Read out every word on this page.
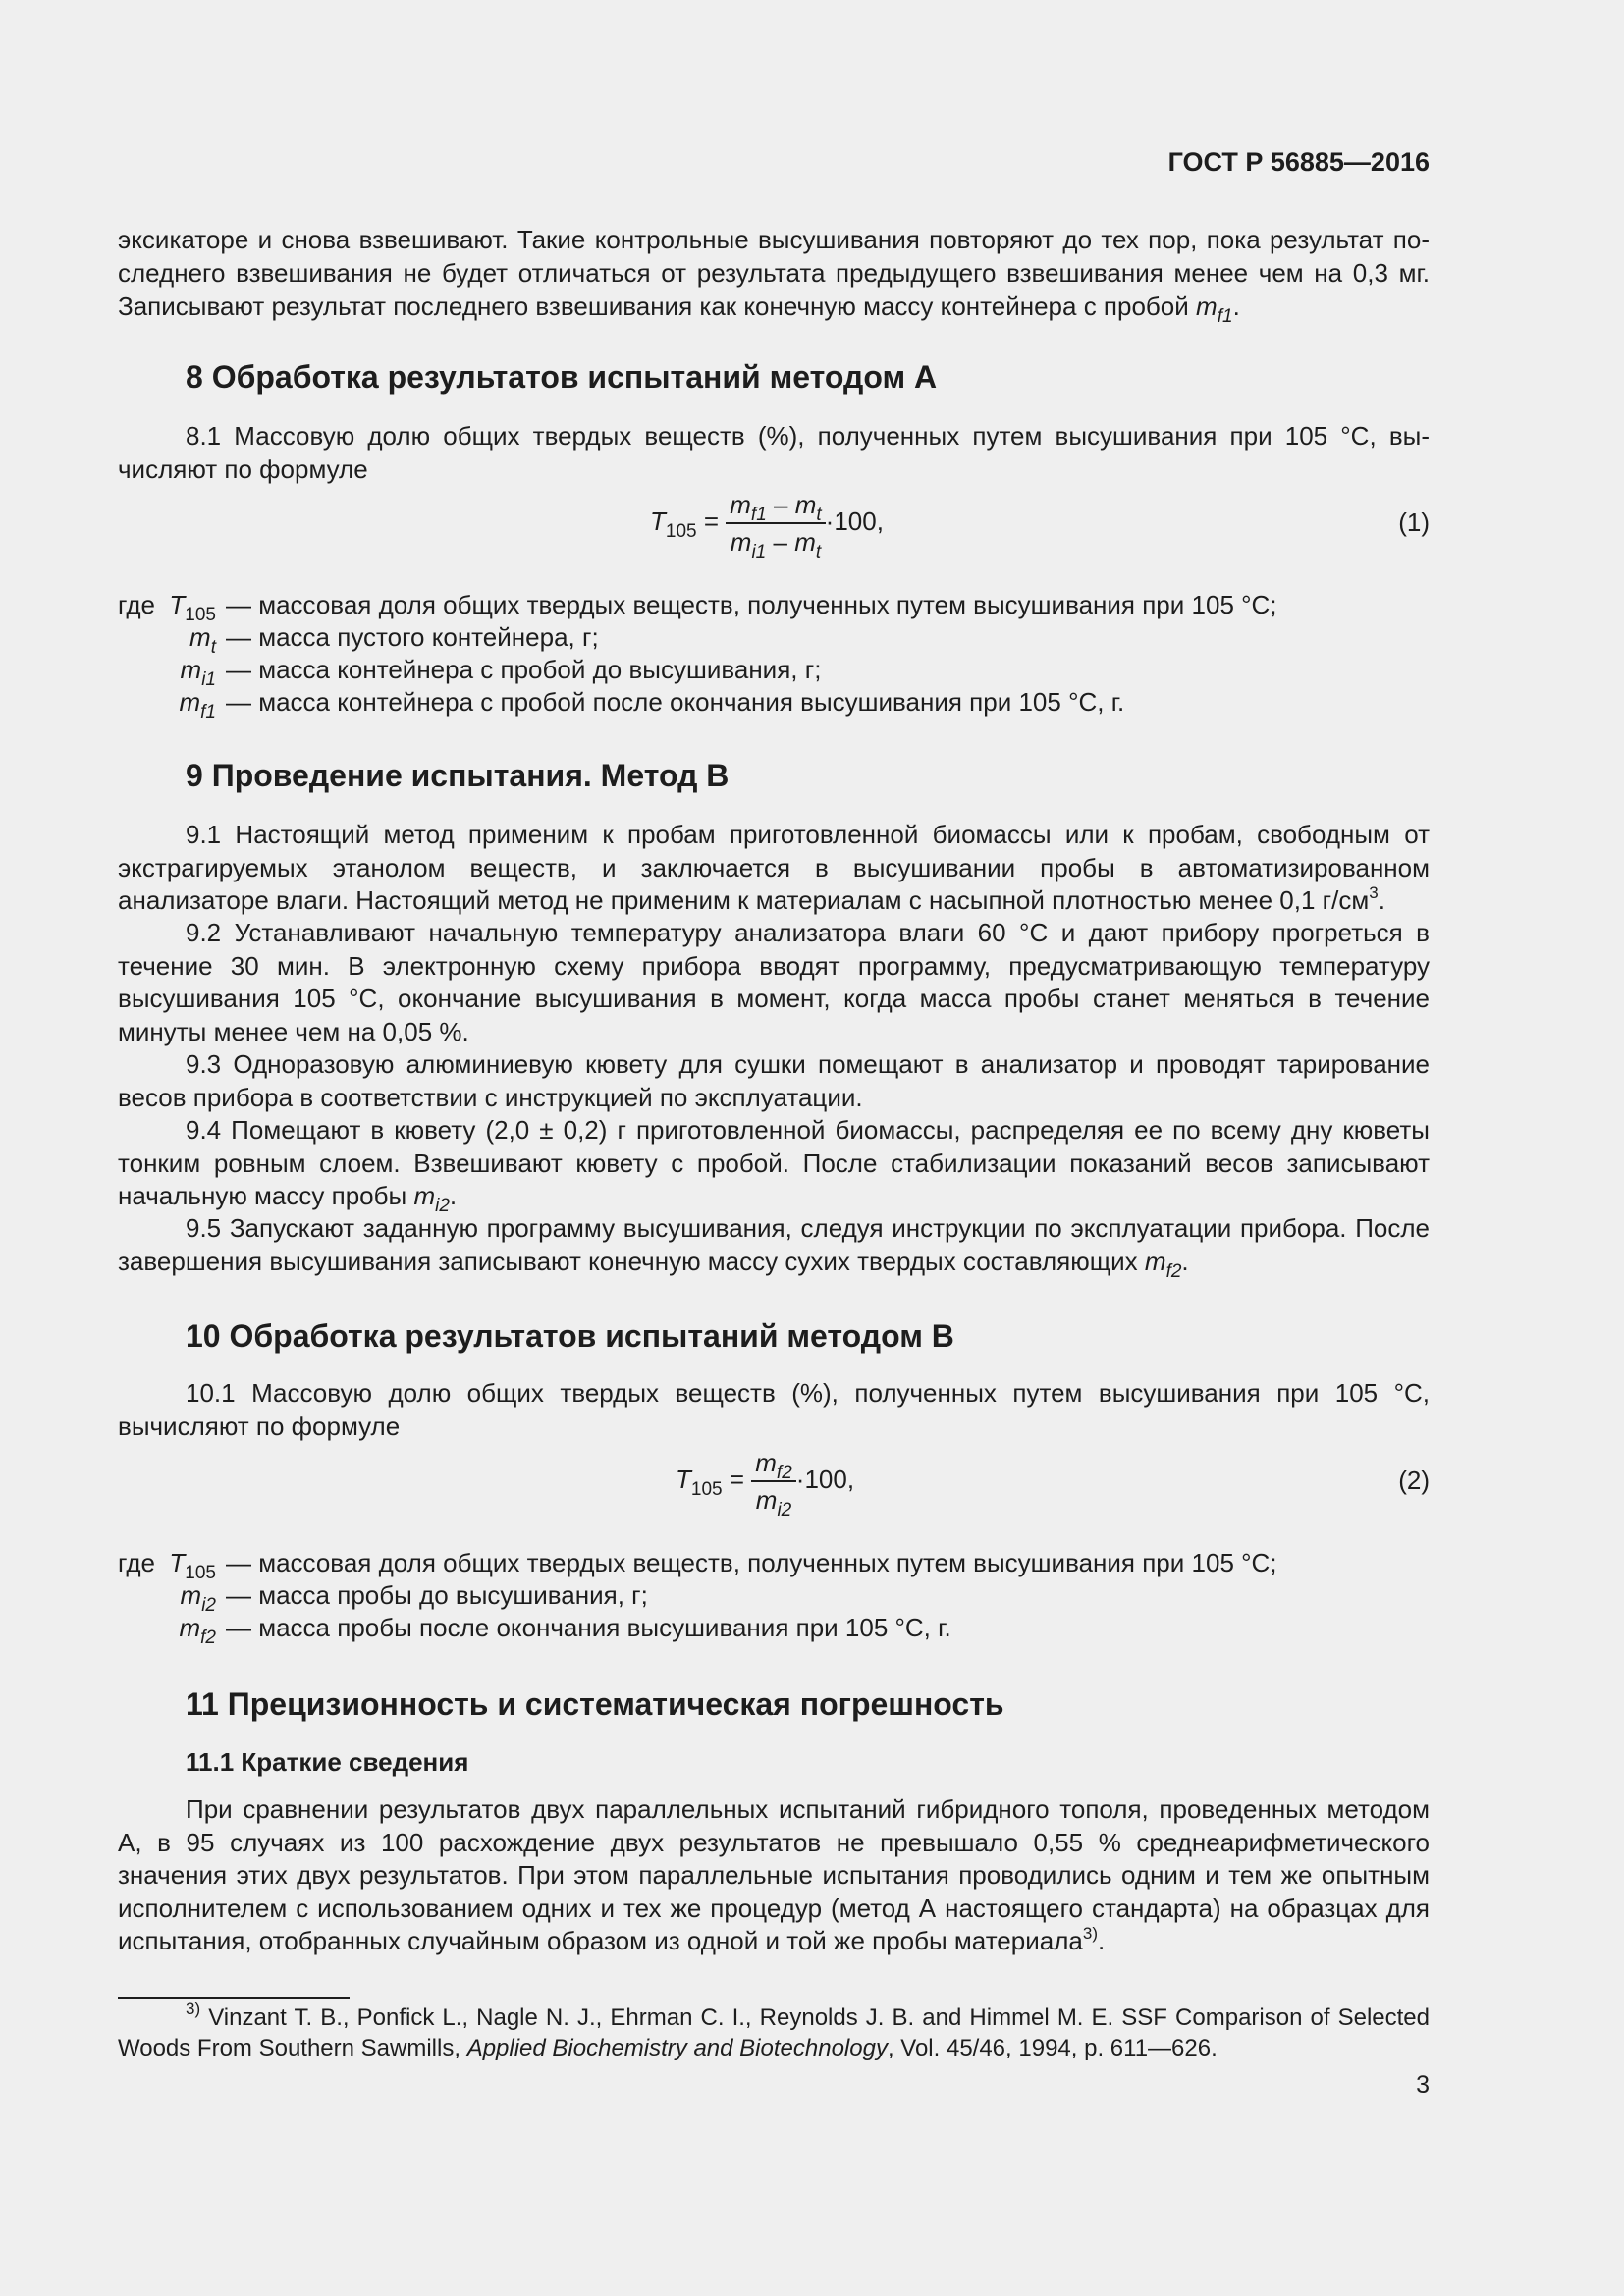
ГОСТ Р 56885—2016
эксикаторе и снова взвешивают. Такие контрольные высушивания повторяют до тех пор, пока результат по-
следнего взвешивания не будет отличаться от результата предыдущего взвешивания менее чем на 0,3 мг.
Записывают результат последнего взвешивания как конечную массу контейнера с пробой $m_{f1}$.
8 Обработка результатов испытаний методом А
8.1 Массовую долю общих твердых веществ (%), полученных путем высушивания при 105 °С, вы-
числяют по формуле
$T_{105} = \frac{m_{f1} - m_t}{m_{i1} - m_t} \cdot 100$,	(1)
где $T_{105}$ — массовая доля общих твердых веществ, полученных путем высушивания при 105 °С;
$m_t$ — масса пустого контейнера, г;
$m_{i1}$ — масса контейнера с пробой до высушивания, г;
$m_{f1}$ — масса контейнера с пробой после окончания высушивания при 105 °С, г.
9 Проведение испытания. Метод В

9.1 Настоящий метод применим к пробам приготовленной биомассы или к пробам, свободным от экстрагируемых этанолом веществ, и заключается в высушивании пробы в автоматизированном анализаторе влаги. Настоящий метод не применим к материалам с насыпной плотностью менее 0,1 $г/см^3$.

9.2 Устанавливают начальную температуру анализатора влаги 60 °С и дают прибору прогреться в течение 30 мин. В электронную схему прибора вводят программу, предусматривающую температуру высушивания 105 °С, окончание высушивания в момент, когда масса пробы станет меняться в течение минуты менее чем на 0,05 %.

9.3 Одноразовую алюминиевую кювету для сушки помещают в анализатор и проводят тарирование весов прибора в соответствии с инструкцией по эксплуатации.

9.4 Помещают в кювету (2,0 ± 0,2) г приготовленной биомассы, распределяя ее по всему дну кюветы тонким ровным слоем. Взвешивают кювету с пробой. После стабилизации показаний весов записывают начальную массу пробы $m_{i2}$.

9.5 Запускают заданную программу высушивания, следуя инструкции по эксплуатации прибора. После завершения высушивания записывают конечную массу сухих твердых составляющих $m_{f2}$.

10 Обработка результатов испытаний методом В
10.1 Массовую долю общих твердых веществ (%), полученных путем высушивания при 105 °С,
вычисляют по формуле
$T_{105} = \frac{m_{f2}}{m_{i2}} \cdot 100$,	(2)
где $T_{105}$ — массовая доля общих твердых веществ, полученных путем высушивания при 105 °С;
$m_{i2}$ — масса пробы до высушивания, г;
$m_{f2}$ — масса пробы после окончания высушивания при 105 °С, г.
11 Прецизионность и систематическая погрешность
11.1 Краткие сведения

При сравнении результатов двух параллельных испытаний гибридного тополя, проведенных методом А, в 95 случаях из 100 расхождение двух результатов не превышало 0,55 % среднеарифметического значения этих двух результатов. При этом параллельные испытания проводились одним и тем же опытным исполнителем с использованием одних и тех же процедур (метод А настоящего стандарта) на образцах для испытания, отобранных случайным образом из одной и той же пробы материала$^{3)}$.

$^{3)}$ Vinzant T. B., Ponfick L., Nagle N. J., Ehrman C. I., Reynolds J. B. and Himmel M. E. SSF Comparison of Selected Woods From Southern Sawmills, Applied Biochemistry and Biotechnology, Vol. 45/46, 1994, p. 611—626.

3
